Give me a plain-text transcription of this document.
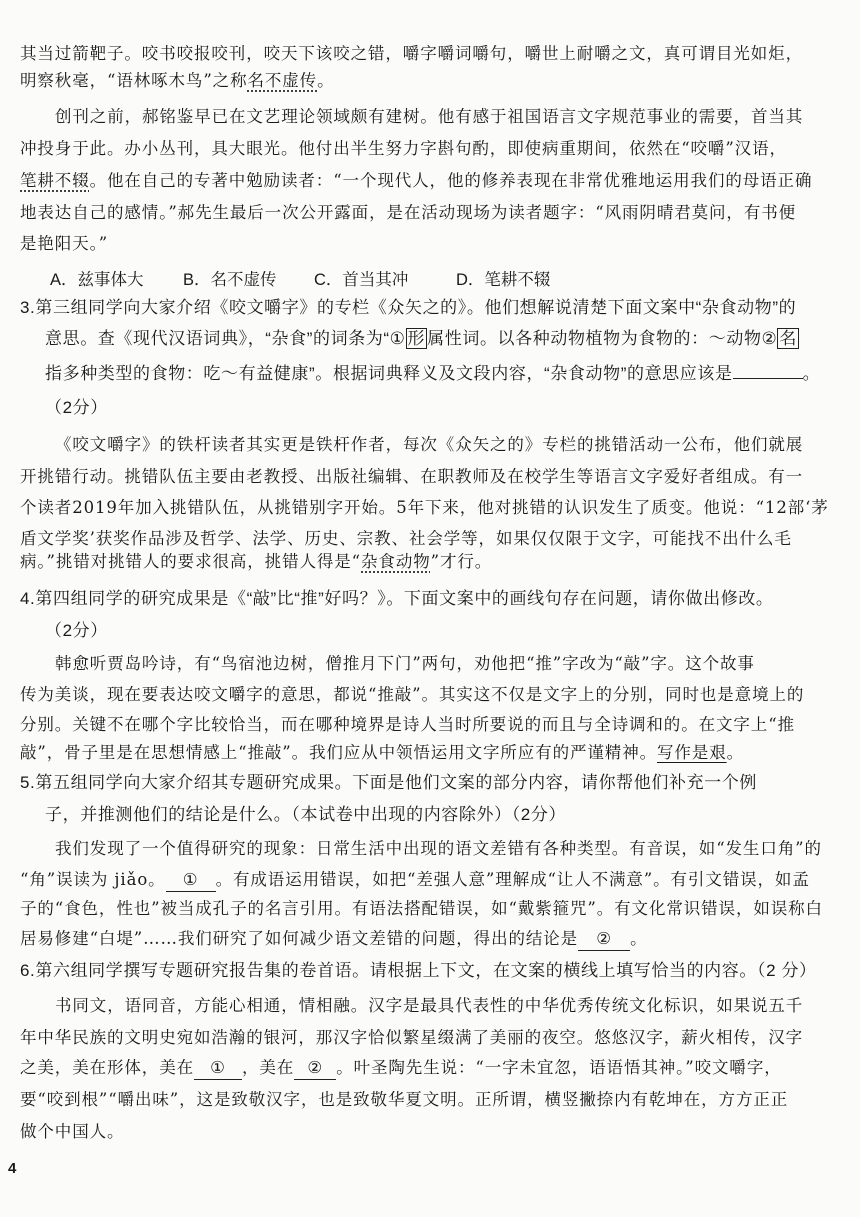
其当过箭靶子。咬书咬报咬刊，咬天下该咬之错，嚼字嚼词嚼句，嚼世上耐嚼之文，真可谓目光如炬，
明察秋毫，“语林啄木鸟”之称名不虚传。
创刊之前，郝铭鉴早已在文艺理论领域颇有建树。他有感于祖国语言文字规范事业的需要，首当其
冲投身于此。办小丛刊，具大眼光。他付出半生努力字斟句酌，即使病重期间，依然在“咬嚼”汉语，
笔耕不辍。他在自己的专著中勉励读者：“一个现代人，他的修养表现在非常优雅地运用我们的母语正确
地表达自己的感情。”郝先生最后一次公开露面，是在活动现场为读者题字：“风雨阴晴君莫问，有书便
是艳阳天。”
A．兹事体大 B．名不虚传 C．首当其冲	D．笔耕不辍
3.第三组同学向大家介绍《咬文嚼字》的专栏《众矢之的》。他们想解说清楚下面文案中“杂食动物”的
意思。查《现代汉语词典》，“杂食”的词条为“① 形 属性词。以各种动物植物为食物的：～动物② 名
指多种类型的食物：吃～有益健康”。根据词典释义及文段内容，“杂食动物”的意思应该是	。
（2分）
《咬文嚼字》的铁杆读者其实更是铁杆作者，每次《众矢之的》专栏的挑错活动一公布，他们就展
开挑错行动。挑错队伍主要由老教授、出版社编辑、在职教师及在校学生等语言文字爱好者组成。有一
个读者2019年加入挑错队伍，从挑错别字开始。5年下来，他对挑错的认识发生了质变。他说：“12部‘茅
盾文学奖’获奖作品涉及哲学、法学、历史、宗教、社会学等，如果仅仅限于文字，可能找不出什么毛
病。”挑错对挑错人的要求很高，挑错人得是“杂食动物”才行。
4.第四组同学的研究成果是《“敲”比“推”好吗？》。下面文案中的画线句存在问题，请你做出修改。
（2分）
韩愈听贾岛吟诗，有“鸟宿池边树，僧推月下门”两句，劝他把“推”字改为“敲”字。这个故事
传为美谈，现在要表达咬文嚼字的意思，都说“推敲”。其实这不仅是文字上的分别，同时也是意境上的
分别。关键不在哪个字比较恰当，而在哪种境界是诗人当时所要说的而且与全诗调和的。在文字上“推
敲”，骨子里是在思想情感上“推敲”。我们应从中领悟运用文字所应有的严谨精神。写作是艰。
5.第五组同学向大家介绍其专题研究成果。下面是他们文案的部分内容，请你帮他们补充一个例
子，并推测他们的结论是什么。（本试卷中出现的内容除外）（2分）
我们发现了一个值得研究的现象：日常生活中出现的语文差错有各种类型。有音误，如“发生口角”的
“角”误读为 jiǎo。 ① 。有成语运用错误，如把“差强人意”理解成“让人不满意”。有引文错误，如孟
子的“食色，性也”被当成孔子的名言引用。有语法搭配错误，如“戴紫箍咒”。有文化常识错误，如误称白
居易修建“白堤”……我们研究了如何减少语文差错的问题，得出的结论是 ② 。
6.第六组同学撰写专题研究报告集的卷首语。请根据上下文，在文案的横线上填写恰当的内容。（2 分）
书同文，语同音，方能心相通，情相融。汉字是最具代表性的中华优秀传统文化标识，如果说五千
年中华民族的文明史宛如浩瀚的银河，那汉字恰似繁星缀满了美丽的夜空。悠悠汉字，薪火相传，汉字
之美，美在形体，美在 ① ，美在 ② 。叶圣陶先生说：“一字未宜忽，语语悟其神。”咬文嚼字，
要“咬到根”“嚼出味”，这是致敬汉字，也是致敬华夏文明。正所谓，横竖撇捺内有乾坤在，方方正正
做个中国人。
4
